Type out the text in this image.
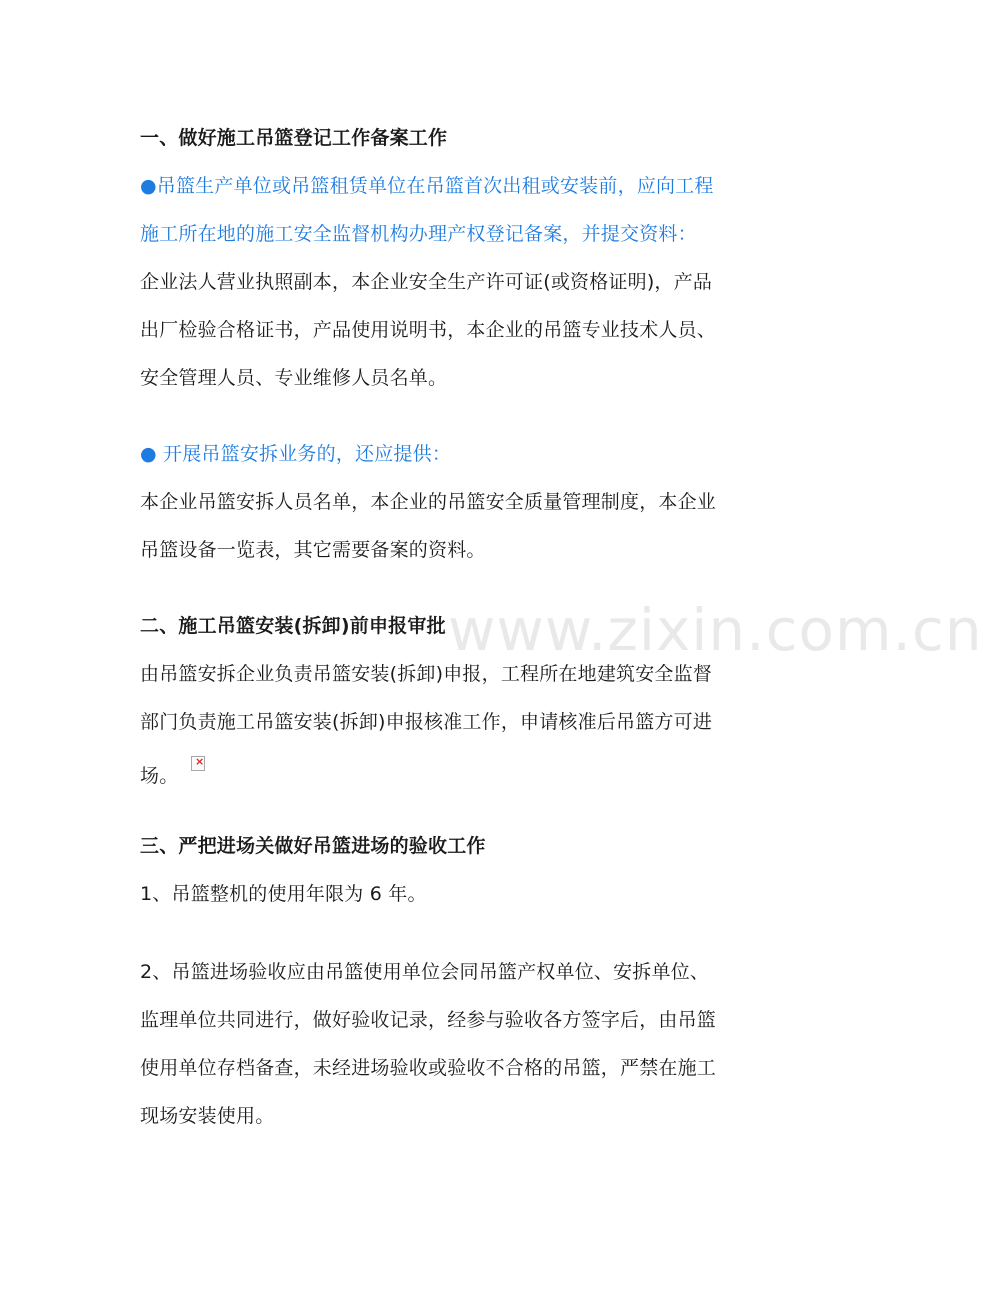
www.zixin.com.cn
一、做好施工吊篮登记工作备案工作
●吊篮生产单位或吊篮租赁单位在吊篮首次出租或安装前，应向工程
施工所在地的施工安全监督机构办理产权登记备案，并提交资料：
企业法人营业执照副本，本企业安全生产许可证(或资格证明)，产品
出厂检验合格证书，产品使用说明书，本企业的吊篮专业技术人员、
安全管理人员、专业维修人员名单。
● 开展吊篮安拆业务的，还应提供：
本企业吊篮安拆人员名单，本企业的吊篮安全质量管理制度，本企业
吊篮设备一览表，其它需要备案的资料。
二、施工吊篮安装(拆卸)前申报审批
由吊篮安拆企业负责吊篮安装(拆卸)申报，工程所在地建筑安全监督
部门负责施工吊篮安装(拆卸)申报核准工作，申请核准后吊篮方可进
场。
×
三、严把进场关做好吊篮进场的验收工作
1、吊篮整机的使用年限为 6 年。
2、吊篮进场验收应由吊篮使用单位会同吊篮产权单位、安拆单位、
监理单位共同进行，做好验收记录，经参与验收各方签字后，由吊篮
使用单位存档备查，未经进场验收或验收不合格的吊篮，严禁在施工
现场安装使用。
